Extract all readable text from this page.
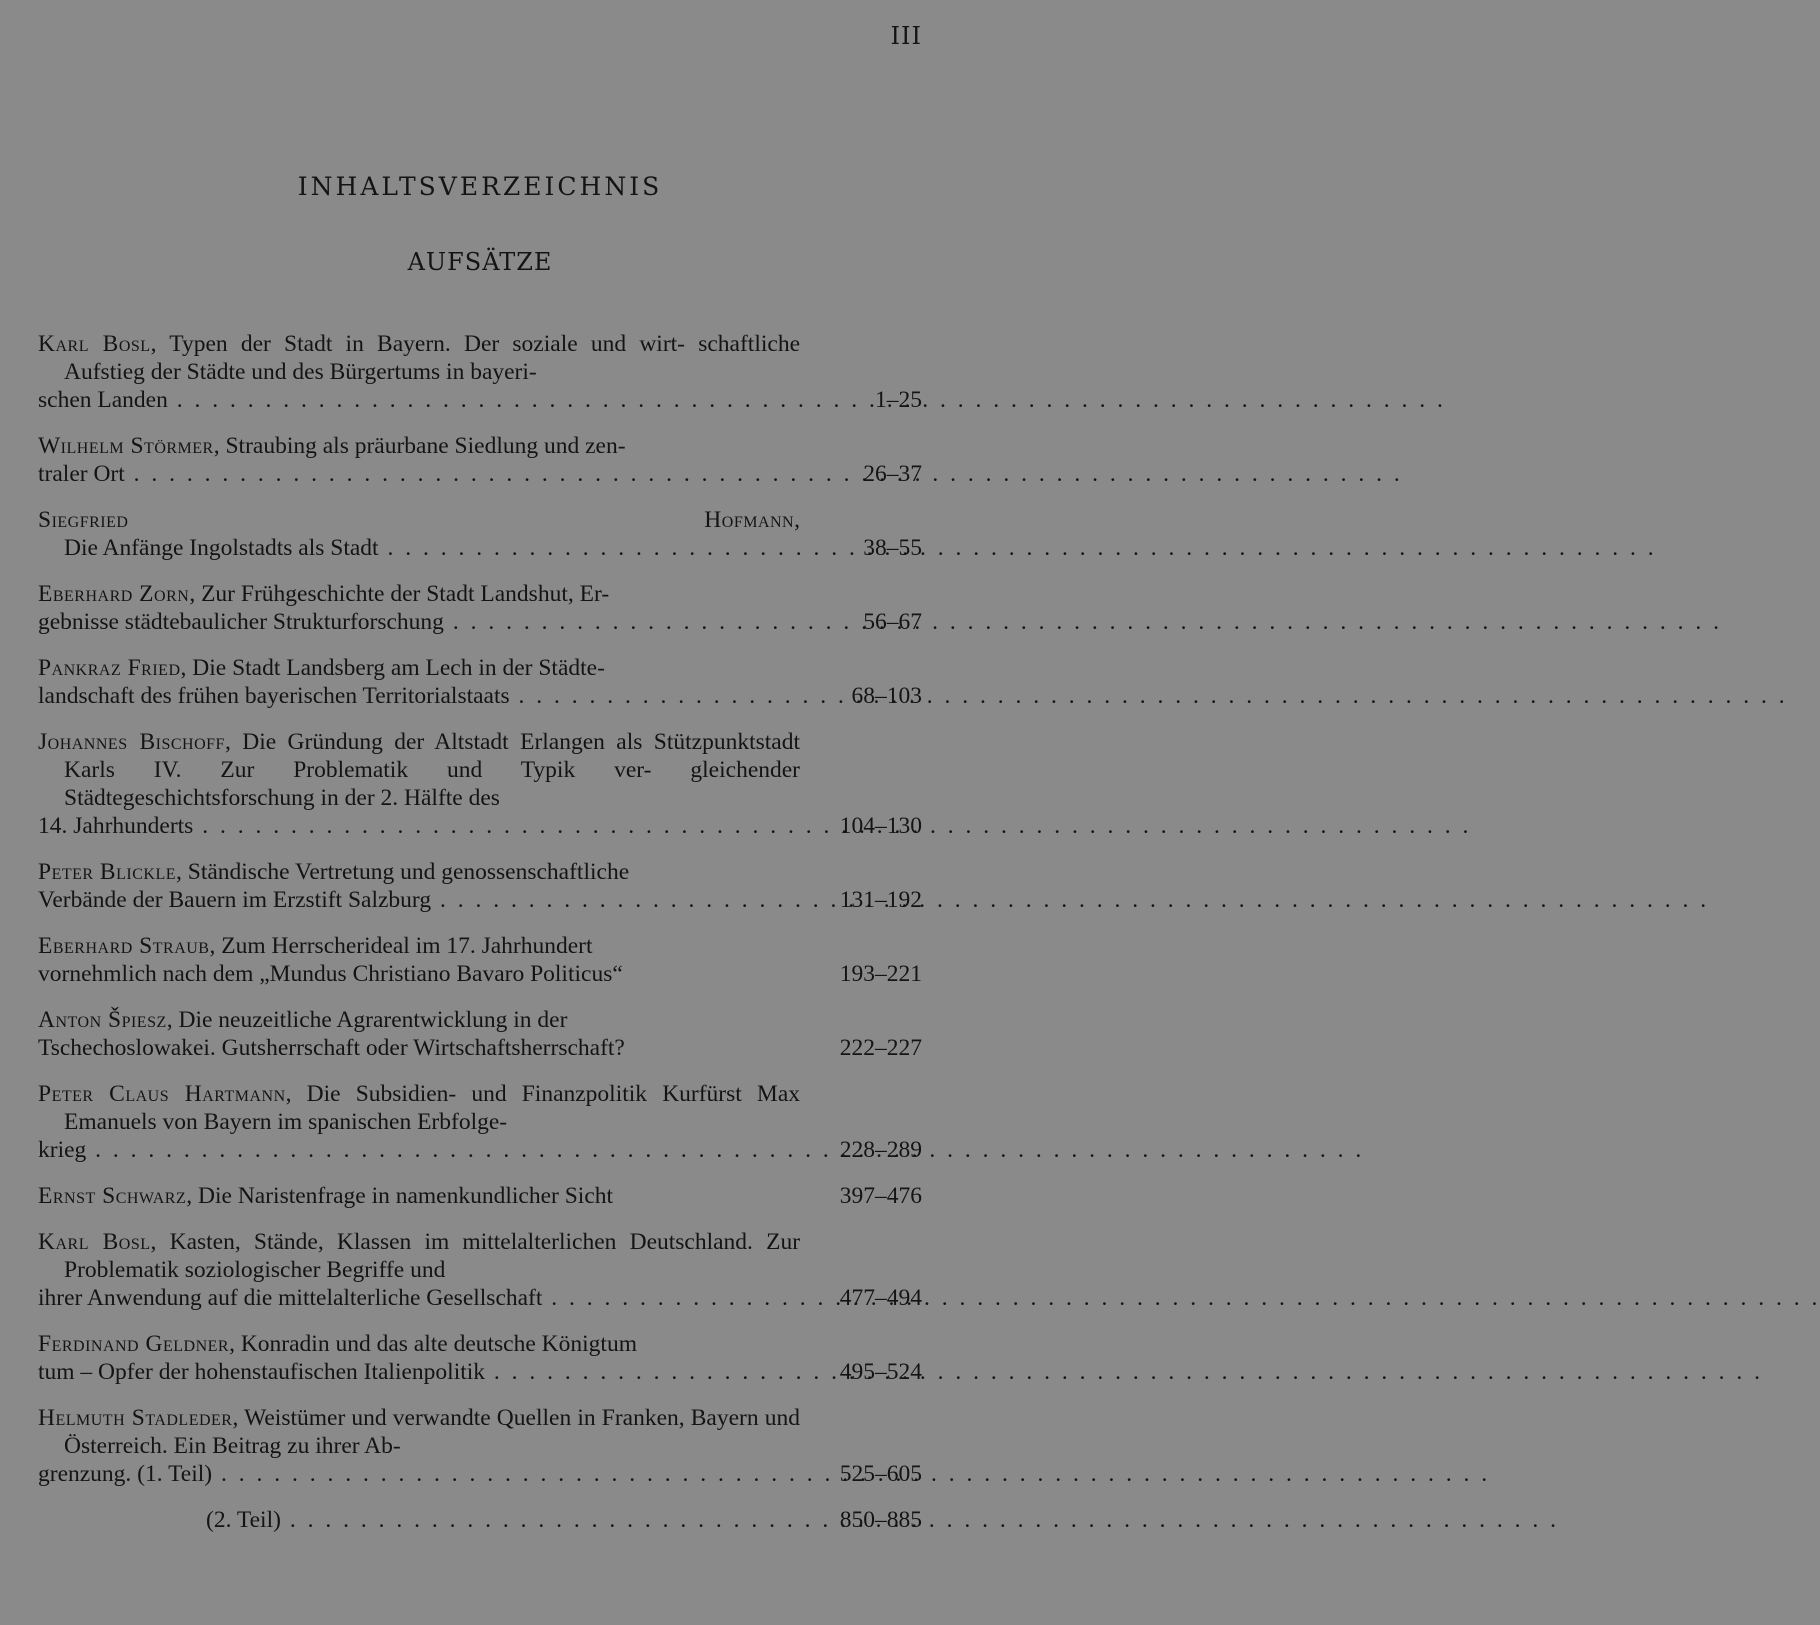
III
INHALTSVERZEICHNIS
AUFSÄTZE
Karl Bosl, Typen der Stadt in Bayern. Der soziale und wirt- schaftliche Aufstieg der Städte und des Bürgertums in bayeri-
schen Landen . . .	1–25
Wilhelm Störmer, Straubing als präurbane Siedlung und zen-
traler Ort . . .	26–37
Siegfried Hofmann, Die Anfänge Ingolstadts als Stadt . . .	38–55
Eberhard Zorn, Zur Frühgeschichte der Stadt Landshut, Er-
gebnisse städtebaulicher Strukturforschung . . .	56–67
Pankraz Fried, Die Stadt Landsberg am Lech in der Städte-
landschaft des frühen bayerischen Territorialstaats . . .	68–103
Johannes Bischoff, Die Gründung der Altstadt Erlangen als Stützpunktstadt Karls IV. Zur Problematik und Typik ver- gleichender Städtegeschichtsforschung in der 2. Hälfte des
14. Jahrhunderts . . .	104–130
Peter Blickle, Ständische Vertretung und genossenschaftliche
Verbände der Bauern im Erzstift Salzburg . . .	131–192
Eberhard Straub, Zum Herrscherideal im 17. Jahrhundert
vornehmlich nach dem „Mundus Christiano Bavaro Politicus“	193–221
Anton Špiesz, Die neuzeitliche Agrarentwicklung in der
Tschechoslowakei. Gutsherrschaft oder Wirtschaftsherrschaft?	222–227
Peter Claus Hartmann, Die Subsidien- und Finanzpolitik Kurfürst Max Emanuels von Bayern im spanischen Erbfolge-
krieg . . .	228–289
Ernst Schwarz, Die Naristenfrage in namenkundlicher Sicht	397–476
Karl Bosl, Kasten, Stände, Klassen im mittelalterlichen Deutschland. Zur Problematik soziologischer Begriffe und
ihrer Anwendung auf die mittelalterliche Gesellschaft . . .	477–494
Ferdinand Geldner, Konradin und das alte deutsche Königtum
tum – Opfer der hohenstaufischen Italienpolitik . . .	495–524
Helmuth Stadleder, Weistümer und verwandte Quellen in Franken, Bayern und Österreich. Ein Beitrag zu ihrer Ab-
grenzung. (1. Teil) . . .	525–605
(2. Teil) . . .	850–885
